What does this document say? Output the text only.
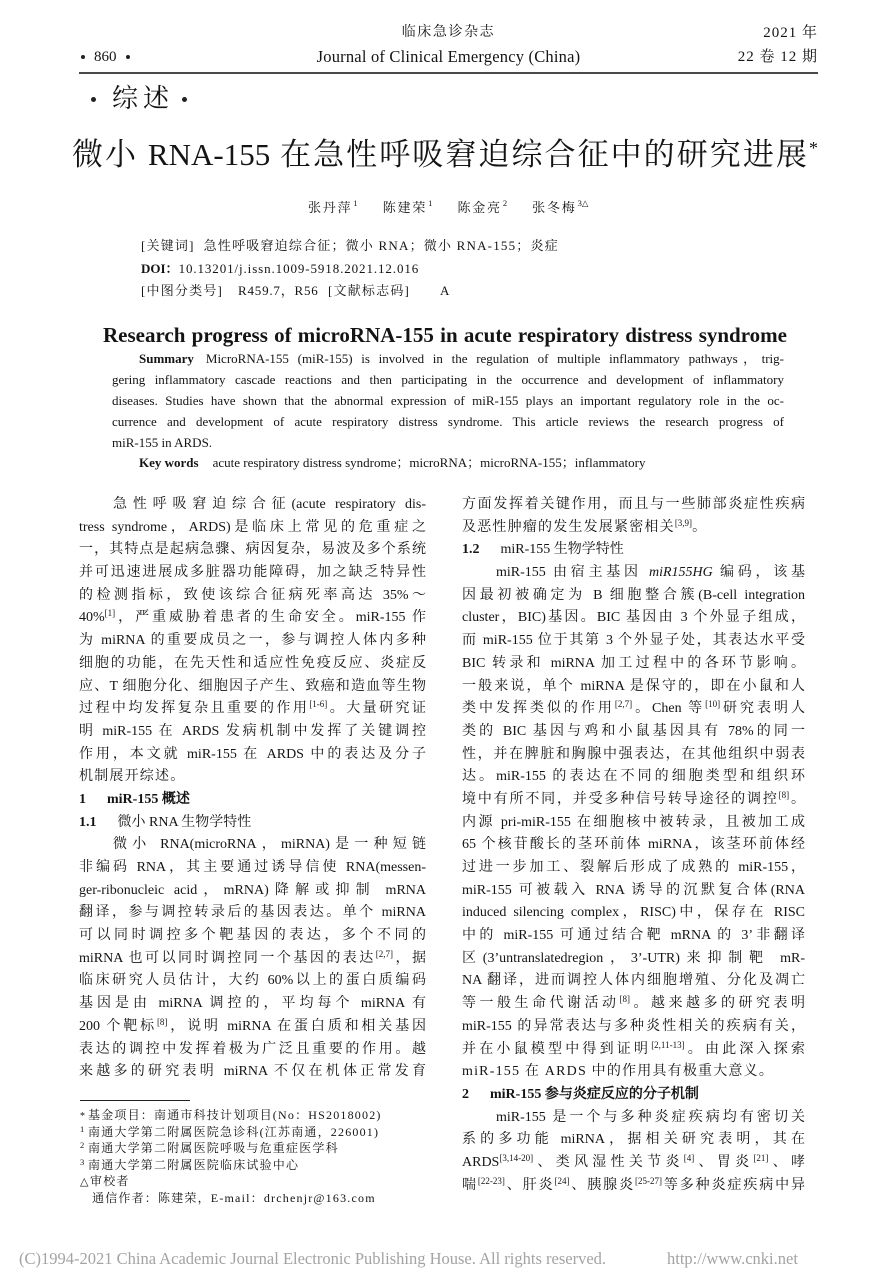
临床急诊杂志	2021 年
860	Journal of Clinical Emergency (China)	22 卷 12 期
综述
微小 RNA-155 在急性呼吸窘迫综合征中的研究进展*
张丹萍$^1$ 陈建荣$^1$ 陈金亮$^2$ 张冬梅$^{3\triangle}$
[关键词] 急性呼吸窘迫综合征；微小 RNA；微小 RNA-155；炎症
DOI：10.13201/j.issn.1009-5918.2021.12.016
[中图分类号] R459.7，R56 [文献标志码] A
Research progress of microRNA-155 in acute respiratory distress syndrome
Summary MicroRNA-155 (miR-155) is involved in the regulation of multiple inflammatory pathways，trig-
gering inflammatory cascade reactions and then participating in the occurrence and development of inflammatory
diseases. Studies have shown that the abnormal expression of miR-155 plays an important regulatory role in the oc-
currence and development of acute respiratory distress syndrome. This article reviews the research progress of
miR-155 in ARDS.
Key words acute respiratory distress syndrome；microRNA；microRNA-155；inflammatory
急性呼吸窘迫综合征(acute respiratory dis-
tress syndrome，ARDS)是临床上常见的危重症之
一，其特点是起病急骤、病因复杂，易波及多个系统
并可迅速进展成多脏器功能障碍，加之缺乏特异性
的检测指标，致使该综合征病死率高达 35%～
40%[1]，严重威胁着患者的生命安全。miR-155 作
为 miRNA 的重要成员之一，参与调控人体内多种
细胞的功能，在先天性和适应性免疫反应、炎症反
应、T 细胞分化、细胞因子产生、致癌和造血等生物
过程中均发挥复杂且重要的作用[1-6]。大量研究证
明 miR-155 在 ARDS 发病机制中发挥了关键调控
作用，本文就 miR-155 在 ARDS 中的表达及分子
机制展开综述。
1 miR-155 概述
1.1 微小 RNA 生物学特性
微小 RNA(microRNA，miRNA)是一种短链
非编码 RNA，其主要通过诱导信使 RNA(messen-
ger-ribonucleic acid，mRNA)降解或抑制 mRNA
翻译，参与调控转录后的基因表达。单个 miRNA
可以同时调控多个靶基因的表达，多个不同的
miRNA 也可以同时调控同一个基因的表达[2,7]，据
临床研究人员估计，大约 60%以上的蛋白质编码
基因是由 miRNA 调控的，平均每个 miRNA 有
200 个靶标[8]，说明 miRNA 在蛋白质和相关基因
表达的调控中发挥着极为广泛且重要的作用。越
来越多的研究表明 miRNA 不仅在机体正常发育
方面发挥着关键作用，而且与一些肺部炎症性疾病
及恶性肿瘤的发生发展紧密相关[3,9]。
1.2 miR-155 生物学特性
miR-155 由宿主基因 miR155HG 编码，该基
因最初被确定为 B 细胞整合簇(B-cell integration
cluster，BIC)基因。BIC 基因由 3 个外显子组成，
而 miR-155 位于其第 3 个外显子处，其表达水平受
BIC 转录和 miRNA 加工过程中的各环节影响。
一般来说，单个 miRNA 是保守的，即在小鼠和人
类中发挥类似的作用[2,7]。Chen 等[10]研究表明人
类的 BIC 基因与鸡和小鼠基因具有 78%的同一
性，并在脾脏和胸腺中强表达，在其他组织中弱表
达。miR-155 的表达在不同的细胞类型和组织环
境中有所不同，并受多种信号转导途径的调控[8]。
内源 pri-miR-155 在细胞核中被转录，且被加工成
65 个核苷酸长的茎环前体 miRNA，该茎环前体经
过进一步加工、裂解后形成了成熟的 miR-155，
miR-155 可被载入 RNA 诱导的沉默复合体(RNA
induced silencing complex，RISC)中，保存在 RISC
中的 miR-155 可通过结合靶 mRNA 的 3’非翻译
区(3’untranslatedregion，3’-UTR)来抑制靶 mR-
NA 翻译，进而调控人体内细胞增殖、分化及凋亡
等一般生命代谢活动[8]。越来越多的研究表明
miR-155 的异常表达与多种炎性相关的疾病有关，
并在小鼠模型中得到证明[2,11-13]。由此深入探索
miR-155 在 ARDS 中的作用具有极重大意义。
2 miR-155 参与炎症反应的分子机制
miR-155 是一个与多种炎症疾病均有密切关
系的多功能 miRNA，据相关研究表明，其在
ARDS[3,14-20]、类风湿性关节炎[4]、胃炎[21]、哮
喘[22-23]、肝炎[24]、胰腺炎[25-27]等多种炎症疾病中异
* 基金项目：南通市科技计划项目(No：HS2018002)
1 南通大学第二附属医院急诊科(江苏南通，226001)
2 南通大学第二附属医院呼吸与危重症医学科
3 南通大学第二附属医院临床试验中心
△ 审校者
通信作者：陈建荣，E-mail：drchenjr@163.com
(C)1994-2021 China Academic Journal Electronic Publishing House. All rights reserved.	http://www.cnki.net
